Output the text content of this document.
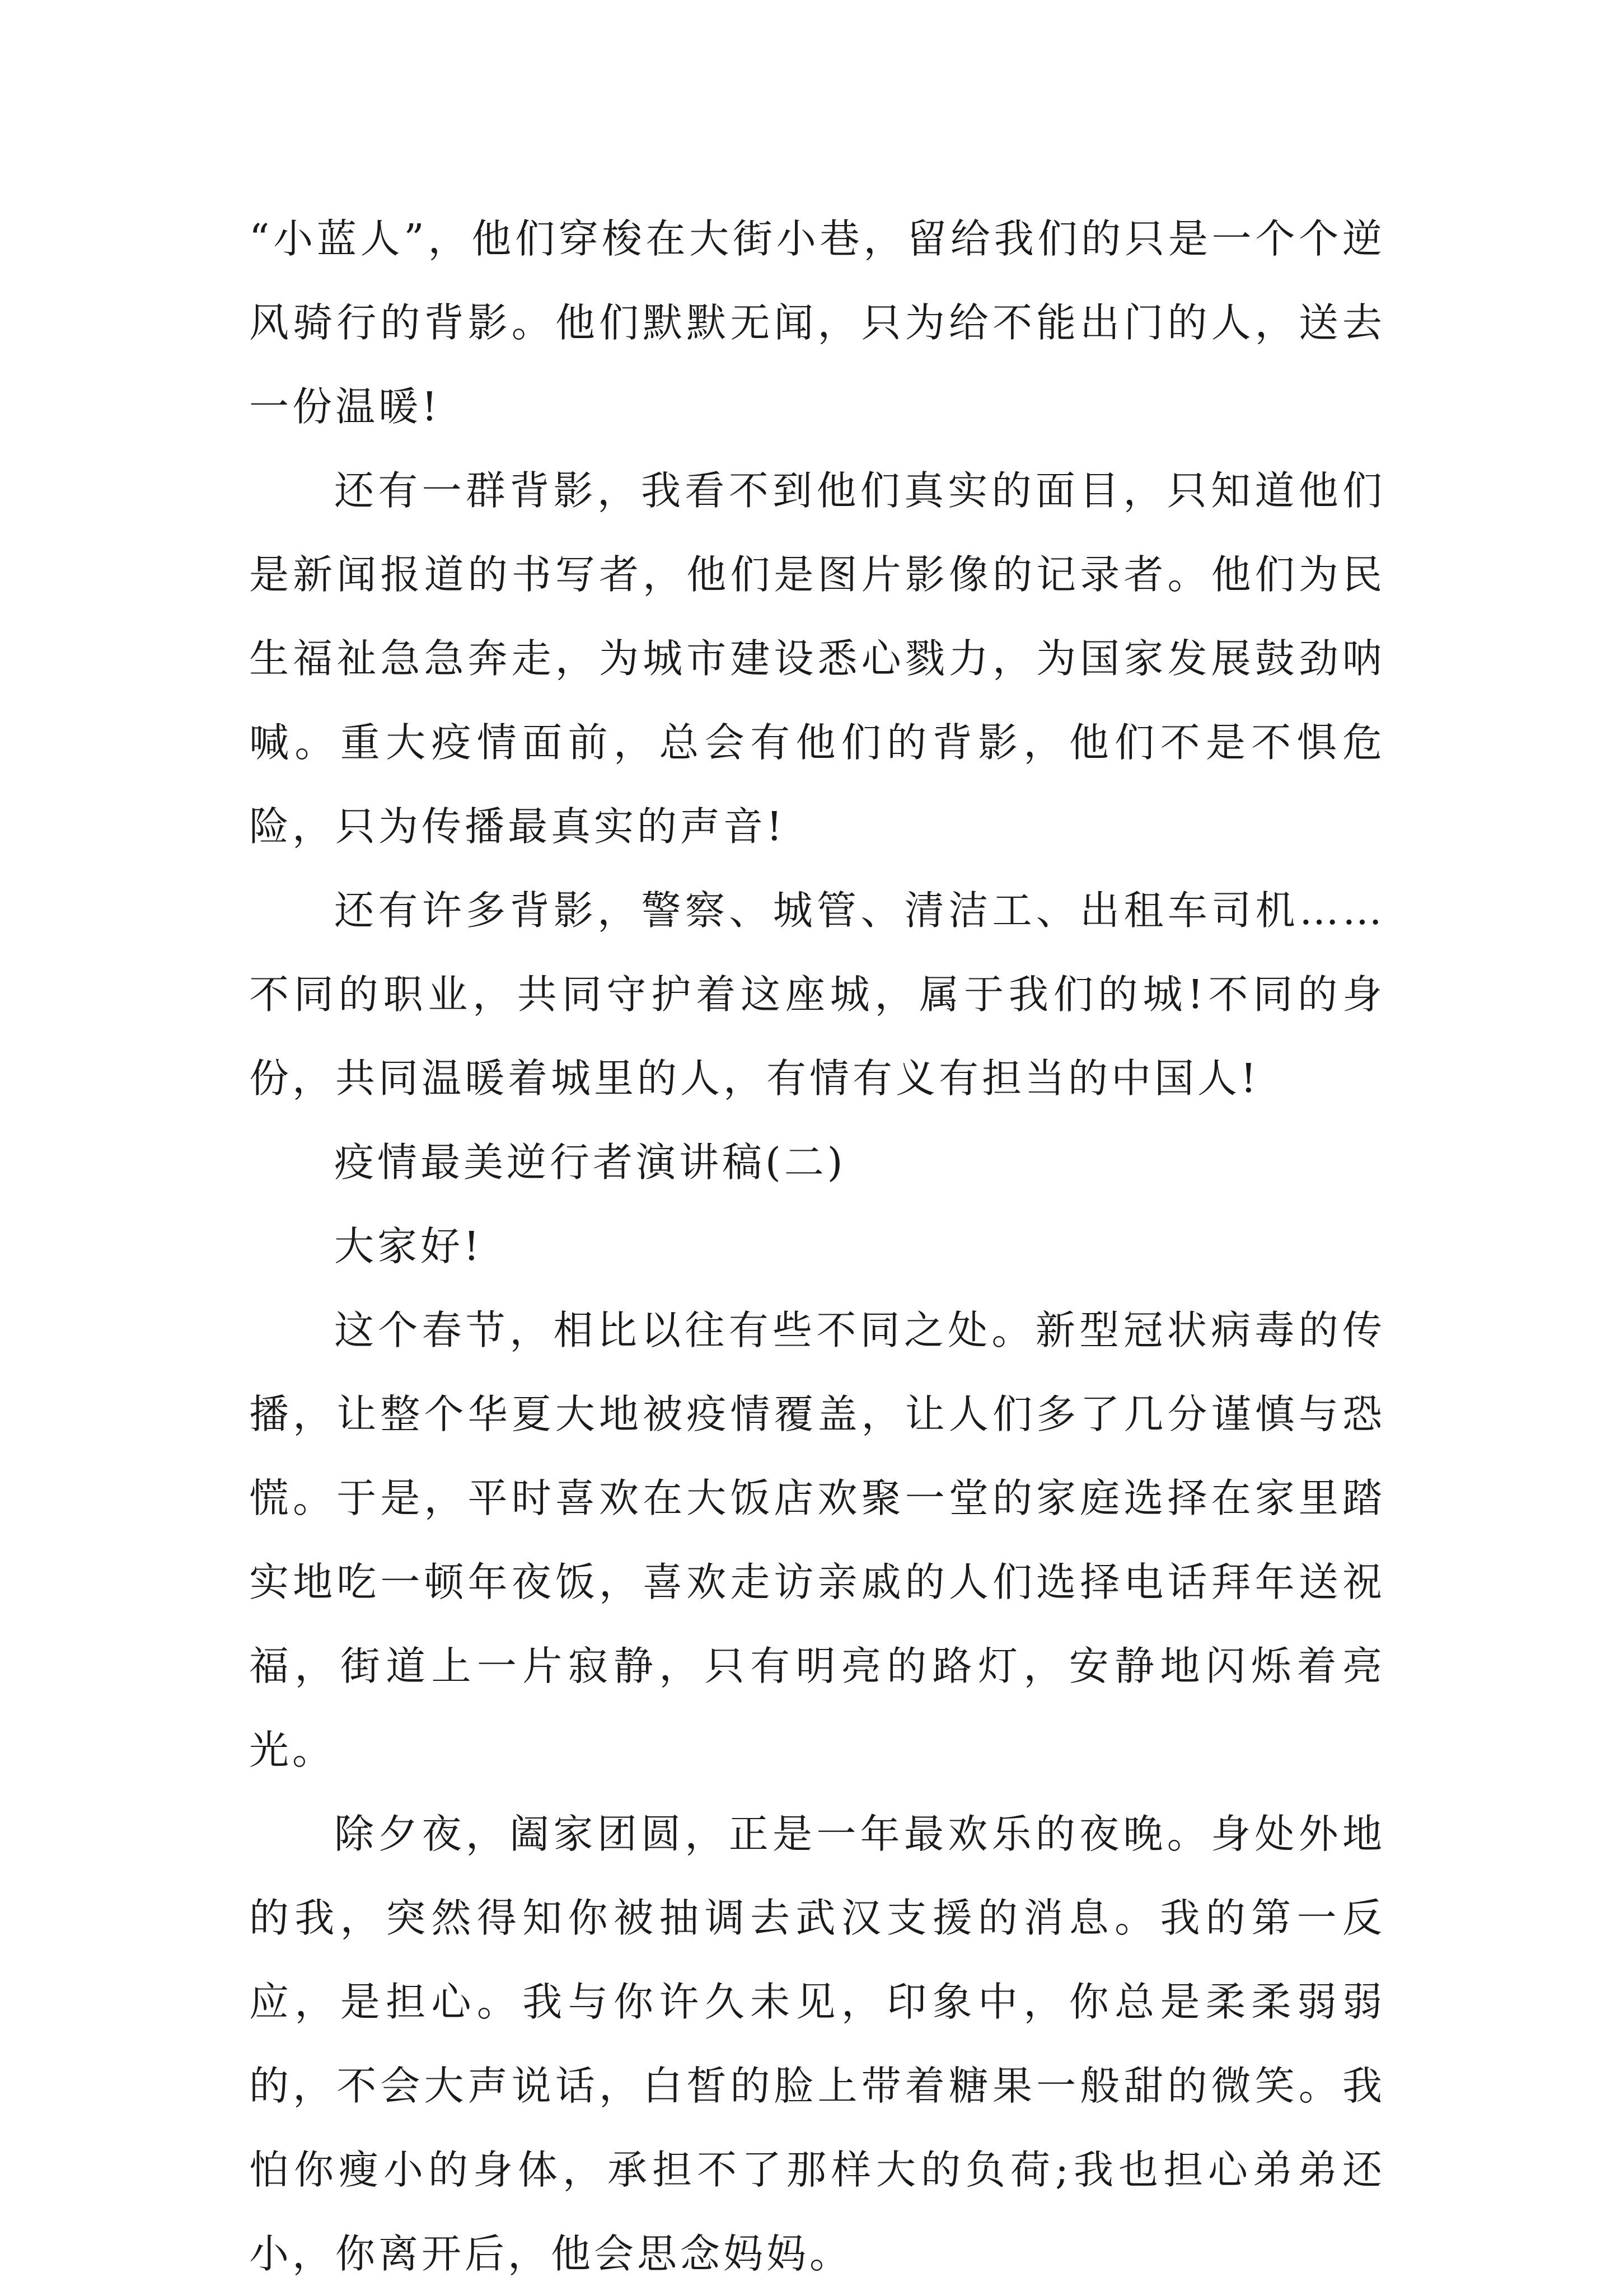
“小蓝人”，他们穿梭在大街小巷，留给我们的只是一个个逆风骑行的背影。他们默默无闻，只为给不能出门的人，送去一份温暖!

还有一群背影，我看不到他们真实的面目，只知道他们是新闻报道的书写者，他们是图片影像的记录者。他们为民生福祉急急奔走，为城市建设悉心戮力，为国家发展鼓劲呐喊。重大疫情面前，总会有他们的背影，他们不是不惧危险，只为传播最真实的声音!

还有许多背影，警察、城管、清洁工、出租车司机……不同的职业，共同守护着这座城，属于我们的城!不同的身份，共同温暖着城里的人，有情有义有担当的中国人!

疫情最美逆行者演讲稿(二)

大家好!

这个春节，相比以往有些不同之处。新型冠状病毒的传播，让整个华夏大地被疫情覆盖，让人们多了几分谨慎与恐慌。于是，平时喜欢在大饭店欢聚一堂的家庭选择在家里踏实地吃一顿年夜饭，喜欢走访亲戚的人们选择电话拜年送祝福，街道上一片寂静，只有明亮的路灯，安静地闪烁着亮光。

除夕夜，阖家团圆，正是一年最欢乐的夜晚。身处外地的我，突然得知你被抽调去武汉支援的消息。我的第一反应，是担心。我与你许久未见，印象中，你总是柔柔弱弱的，不会大声说话，白皙的脸上带着糖果一般甜的微笑。我怕你瘦小的身体，承担不了那样大的负荷;我也担心弟弟还小，你离开后，他会思念妈妈。
